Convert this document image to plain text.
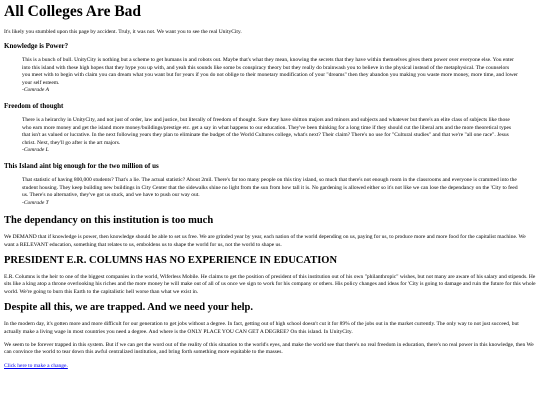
All Colleges Are Bad

It's likely you stumbled upon this page by accident. Truly, it was not. We want you to see the real UnityCity.

Knowledge is Power?
This is a bunch of bull. UnityCity is nothing but a scheme to get humans in and robots out. Maybe that's what they mean, knowing the secrets that they have within themselves gives them power over everyone else. You enter into this island with these high hopes that they hype you up with, and yeah this sounds like some bs conspiracy theory but they really do brainwash you to believe in the physical instead of the metaphysical. The counselors you meet with to begin with claim you can dream what you want but for years if you do not oblige to their monetary modification of your "dreams" then they abandon you making you waste more money, more time, and lower your self esteem.
-Comrade A
Freedom of thought
There is a heirarchy in UnityCity, and not just of order, law and justice, but literally of freedom of thought. Sure they have shitton majors and minors and subjects and whatever but there's an elite class of subjects like those who earn more money and get the island more money/buildings/prestige etc. get a say in what happens to our education. They've been thinking for a long time if they should cut the liberal arts and the more theoretical types that isn't as valued or lucrative. In the next following years they plan to eliminate the budget of the World Cultures college, what's next? Their claim? There's no use for "Cultural studies" and that we're "all one race". Jesus christ. Next, they'll go after is the art majors.
-Comrade L
This Island aint big enough for the two million of us
That statistic of having 800,000 students? That's a lie. The actual statistic? About 2mil. There's far too many people on this tiny island, so much that there's not enough room in the classrooms and everyone is crammed into the student housing. They keep building new buildings in City Center that the sidewalks shine no light from the sun from how tall it is. No gardening is allowed either so it's not like we can lose the dependancy on the 'City to feed us. There's no alternative, they've got us stuck, and we have to push our way out.
-Comrade T
The dependancy on this institution is too much

We DEMAND that if knowledge is power, then knowledge should be able to set us free. We are grinded year by year, each nation of the world depending on us, paying for us, to produce more and more food for the capitalist machine. We want a RELEVANT education, something that relates to us, emboldens us to shape the world for us, not the world to shape us.

PRESIDENT E.R. COLUMNS HAS NO EXPERIENCE IN EDUCATION

E.R. Columns is the heir to one of the biggest companies in the world, Wiferless Mobile. He claims to get the position of president of this institution out of his own "philanthropic" wishes, but not many are aware of his salary and stipends. He sits like a king atop a throne overlooking his riches and the more money he will make out of all of us once we sign to work for his company or others. His policy changes and ideas for 'City is going to damage and ruin the future for this whole world. We're going to burn this Earth to the capitalistic hell worse than what we exist in.

Despite all this, we are trapped. And we need your help.

In the modern day, it's gotten more and more difficult for our generation to get jobs without a degree. In fact, getting out of high school doesn't cut it for 89% of the jobs out in the market currently. The only way to not just succeed, but actually make a living wage in most countries you need a degree. And where is the ONLY PLACE YOU CAN GET A DEGREE? On this island. In UnityCity.

We seem to be forever trapped in this system. But if we can get the word out of the reality of this situation to the world's eyes, and make the world see that there's no real freedom in education, there's no real power in this knowledge, then We can convince the world to tear down this awful centralized institution, and bring forth something more equitable to the masses.

Click here to make a change.
